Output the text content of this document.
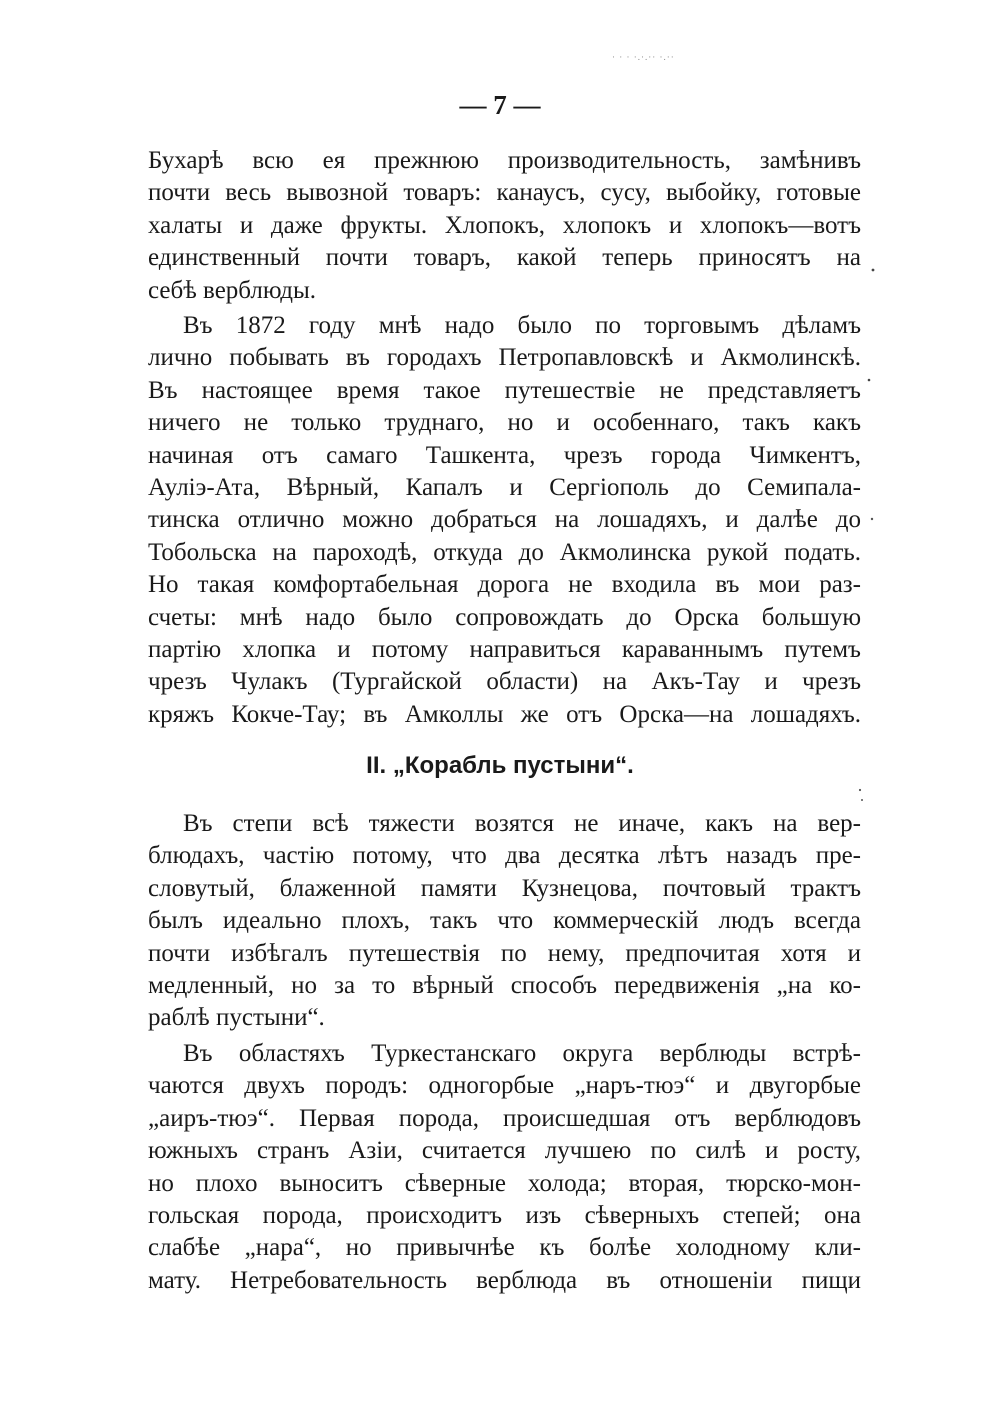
· · · ·.·.·· ·.··
— 7 —
Бухарѣ всю ея прежнюю производительность, замѣнивъ
почти весь вывозной товаръ: канаусъ, сусу, выбойку, готовые
халаты и даже фрукты. Хлопокъ, хлопокъ и хлопокъ—вотъ
единственный почти товаръ, какой теперь приносятъ на
себѣ верблюды.
Въ 1872 году мнѣ надо было по торговымъ дѣламъ
лично побывать въ городахъ Петропавловскѣ и Акмолинскѣ.
Въ настоящее время такое путешествіе не представляетъ
ничего не только труднаго, но и особеннаго, такъ какъ
начиная отъ самаго Ташкента, чрезъ города Чимкентъ,
Ауліэ-Ата, Вѣрный, Капалъ и Сергіополь до Семипала-
тинска отлично можно добраться на лошадяхъ, и далѣе до
Тобольска на пароходѣ, откуда до Акмолинска рукой подать.
Но такая комфортабельная дорога не входила въ мои раз-
счеты: мнѣ надо было сопровождать до Орска большую
партію хлопка и потому направиться караваннымъ путемъ
чрезъ Чулакъ (Тургайской области) на Акъ-Тау и чрезъ
кряжъ Кокче-Тау; въ Амколлы же отъ Орска—на лошадяхъ.
II. „Корабль пустыни“.
Въ степи всѣ тяжести возятся не иначе, какъ на вер-
блюдахъ, частію потому, что два десятка лѣтъ назадъ пре-
словутый, блаженной памяти Кузнецова, почтовый трактъ
былъ идеально плохъ, такъ что коммерческій людъ всегда
почти избѣгалъ путешествія по нему, предпочитая хотя и
медленный, но за то вѣрный способъ передвиженія „на ко-
раблѣ пустыни“.
Въ областяхъ Туркестанскаго округа верблюды встрѣ-
чаются двухъ породъ: одногорбые „наръ-тюэ“ и двугорбые
„аиръ-тюэ“. Первая порода, происшедшая отъ верблюдовъ
южныхъ странъ Азіи, считается лучшею по силѣ и росту,
но плохо выноситъ сѣверные холода; вторая, тюрско-мон-
гольская порода, происходитъ изъ сѣверныхъ степей; она
слабѣе „нара“, но привычнѣе къ болѣе холодному кли-
мату. Нетребовательность верблюда въ отношеніи пищи
